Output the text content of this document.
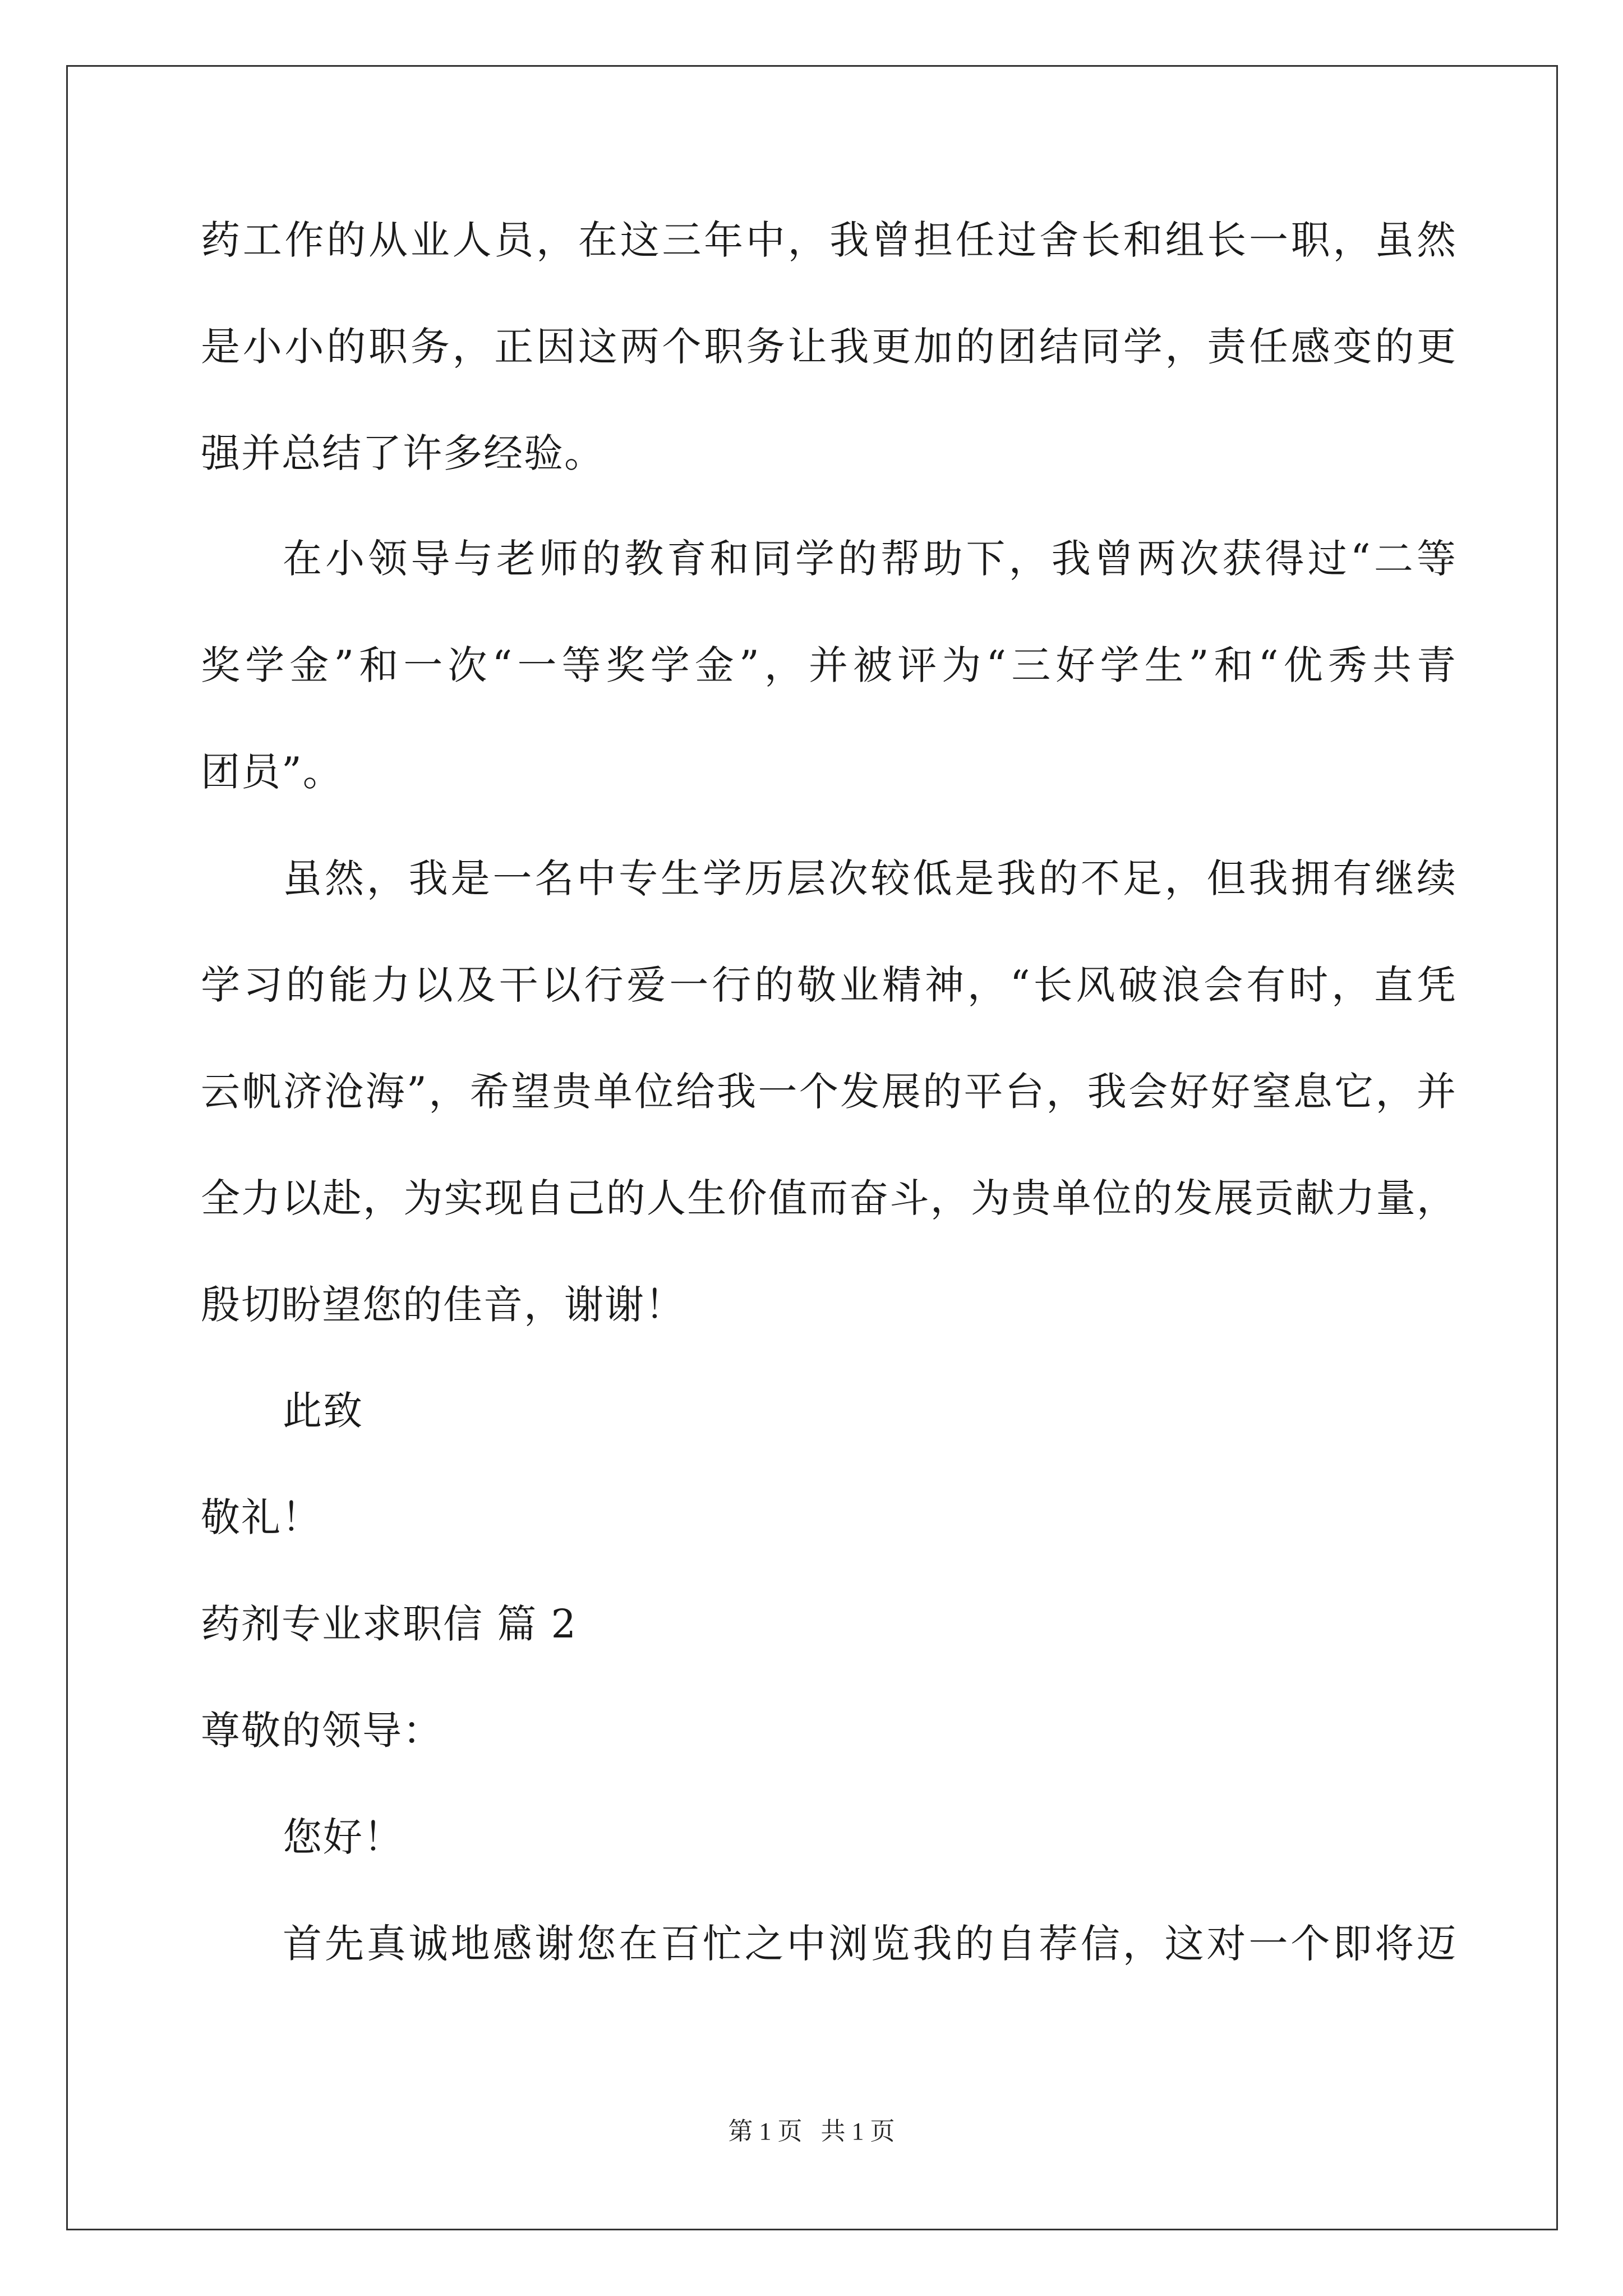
药工作的从业人员，在这三年中，我曾担任过舍长和组长一职，虽然
是小小的职务，正因这两个职务让我更加的团结同学，责任感变的更
强并总结了许多经验。
在小领导与老师的教育和同学的帮助下，我曾两次获得过“二等
奖学金”和一次“一等奖学金”，并被评为“三好学生”和“优秀共青
团员”。
虽然，我是一名中专生学历层次较低是我的不足，但我拥有继续
学习的能力以及干以行爱一行的敬业精神，“长风破浪会有时，直凭
云帆济沧海”，希望贵单位给我一个发展的平台，我会好好窒息它，并
全力以赴，为实现自己的人生价值而奋斗，为贵单位的发展贡献力量，
殷切盼望您的佳音，谢谢！
此致
敬礼！
药剂专业求职信 篇 2
尊敬的领导：
您好！
首先真诚地感谢您在百忙之中浏览我的自荐信，这对一个即将迈
第 1 页   共 1 页
